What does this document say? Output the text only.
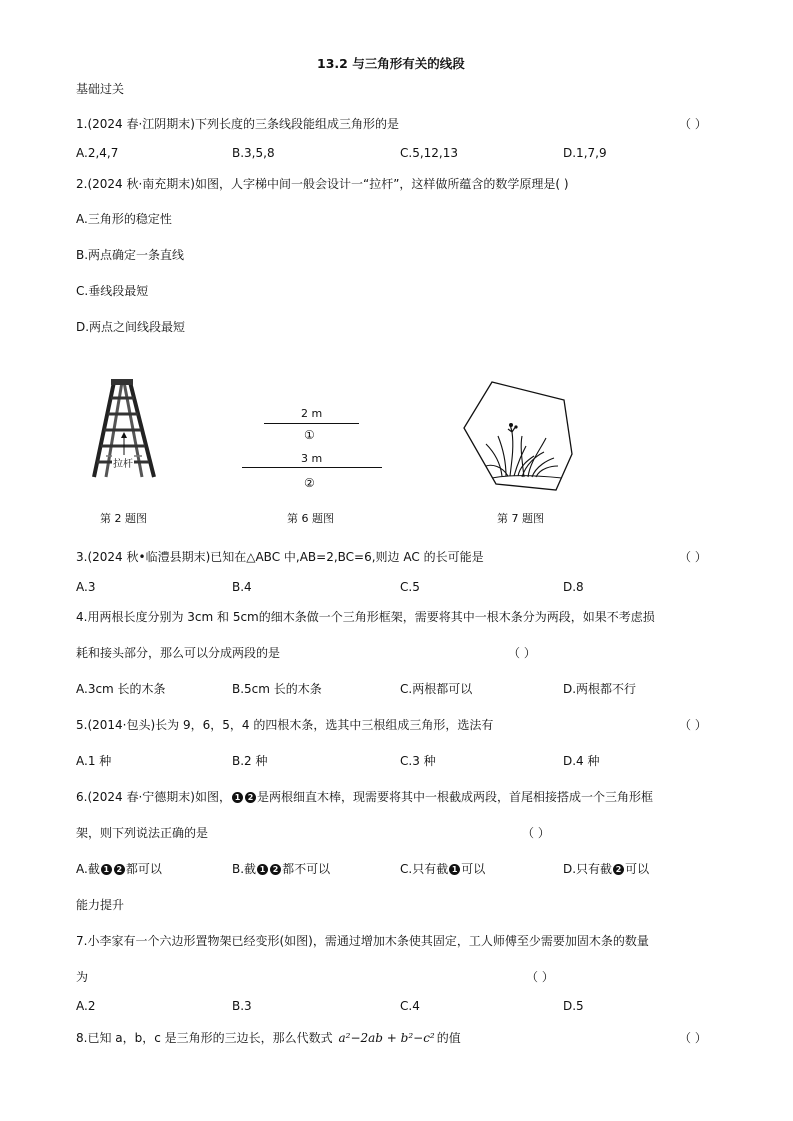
13.2 与三角形有关的线段
基础过关
1.(2024 春·江阴期末)下列长度的三条线段能组成三角形的是	（ ）
A.2,4,7	B.3,5,8	C.5,12,13	D.1,7,9
2.(2024 秋·南充期末)如图，人字梯中间一般会设计一“拉杆”，这样做所蕴含的数学原理是( )
A.三角形的稳定性
B.两点确定一条直线
C.垂线段最短
D.两点之间线段最短
拉杆
第 2 题图
2 m
①
3 m
②
第 6 题图	第 7 题图
3.(2024 秋•临澧县期末)已知在△ABC 中,AB=2,BC=6,则边 AC 的长可能是	（ ）
A.3	B.4	C.5	D.8
4.用两根长度分别为 3cm 和 5cm的细木条做一个三角形框架，需要将其中一根木条分为两段，如果不考虑损
耗和接头部分，那么可以分成两段的是	（ ）
A.3cm 长的木条	B.5cm 长的木条	C.两根都可以	D.两根都不行
5.(2014·包头)长为 9，6，5，4 的四根木条，选其中三根组成三角形，选法有	（ ）
A.1 种	B.2 种	C.3 种	D.4 种
6.(2024 春·宁德期末)如图， 1 2 是两根细直木棒，现需要将其中一根截成两段，首尾相接搭成一个三角形框
架，则下列说法正确的是	（ ）
A.截 1 2 都可以	B.截 1 2 都不可以	C.只有截 1 可以	D.只有截 2 可以
能力提升
7.小李家有一个六边形置物架已经变形(如图)，需通过增加木条使其固定，工人师傅至少需要加固木条的数量
为	（ ）
A.2	B.3	C.4	D.5
8.已知 a，b，c 是三角形的三边长，那么代数式 a²−2ab + b²−c² 的值	（ ）
